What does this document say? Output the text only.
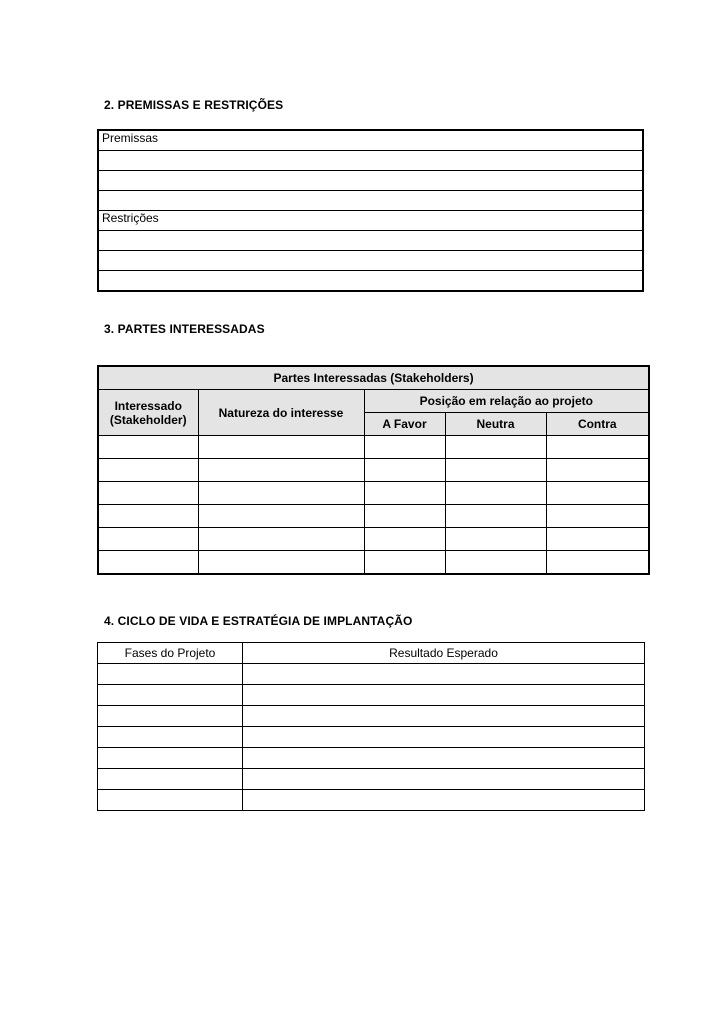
2. PREMISSAS E RESTRIÇÕES
Premissas

Restrições

3. PARTES INTERESSADAS
Partes Interessadas (Stakeholders)				
Interessado (Stakeholder)	Natureza do interesse	Posição em relação ao projeto		
		A Favor	Neutra	Contra

4. CICLO DE VIDA E ESTRATÉGIA DE IMPLANTAÇÃO
Fases do Projeto	Resultado Esperado
